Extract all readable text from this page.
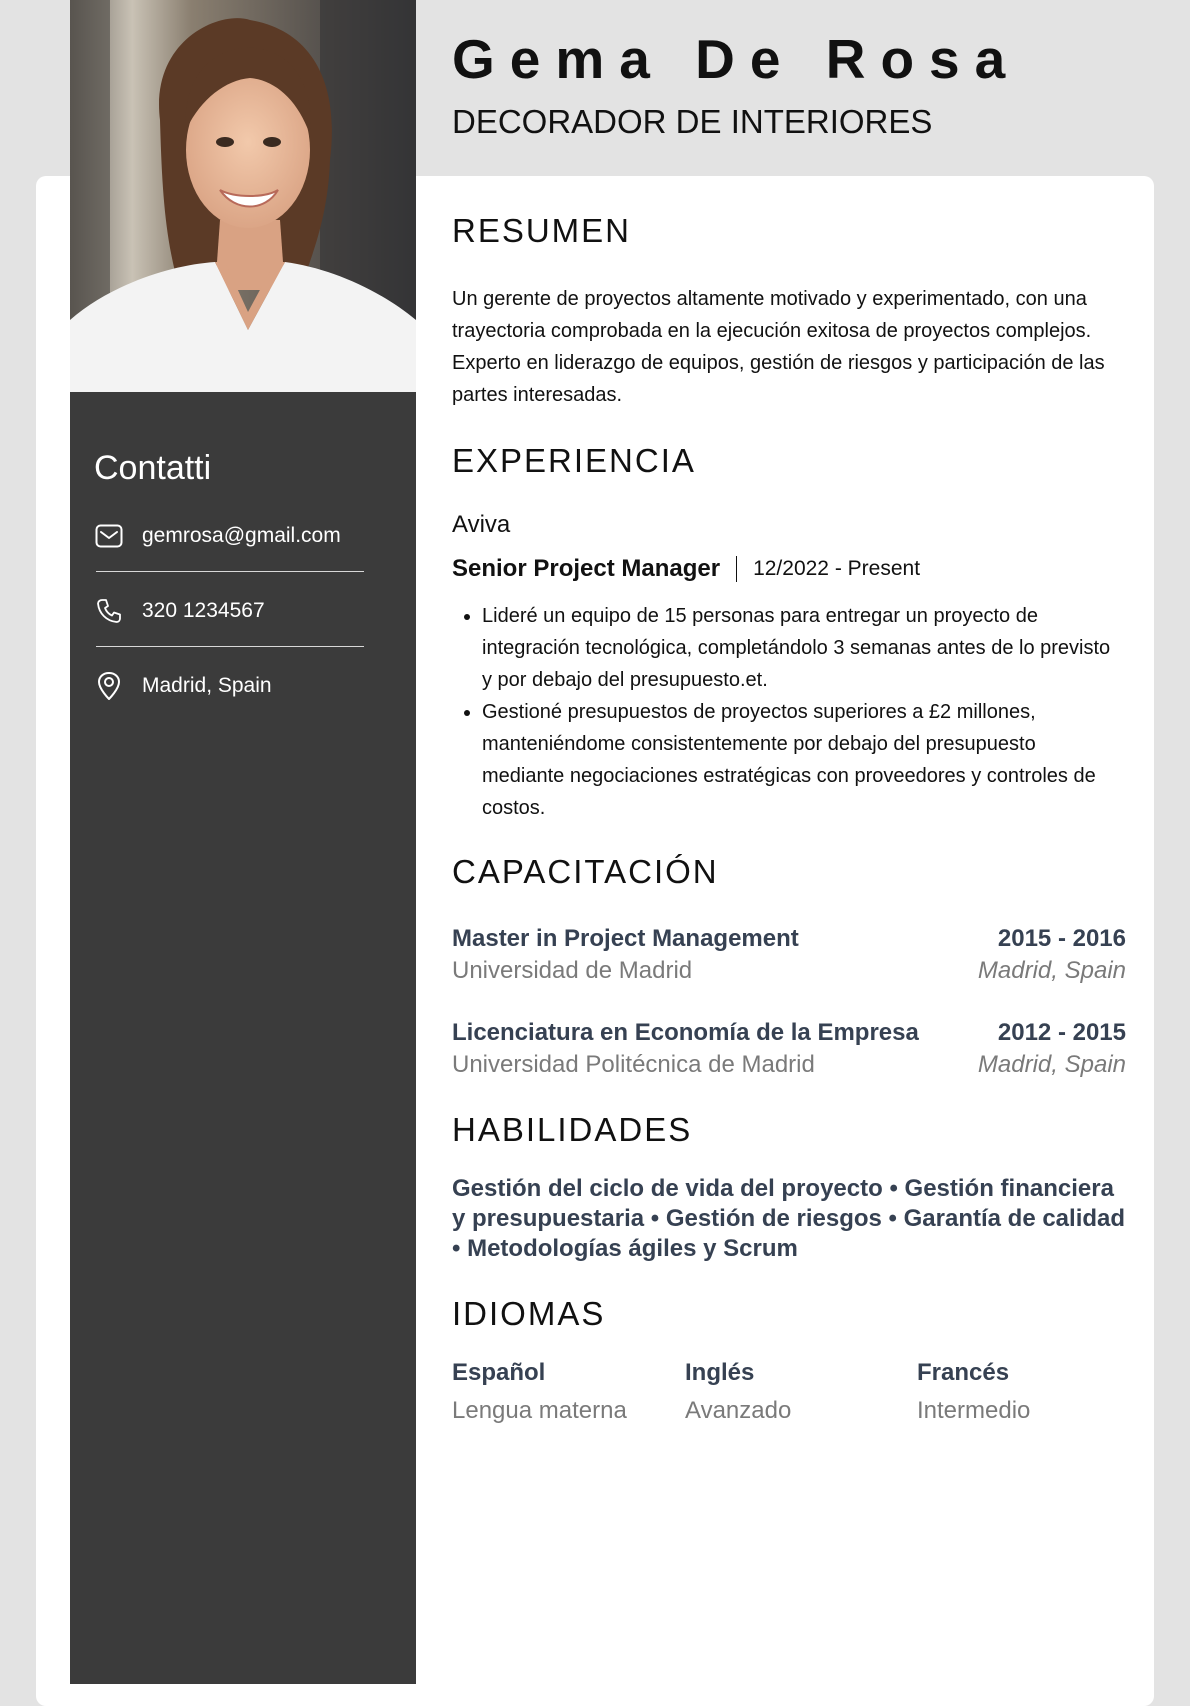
Contatti
gemrosa@gmail.com
320 1234567
Madrid, Spain
Gema De Rosa
DECORADOR DE INTERIORES
RESUMEN

Un gerente de proyectos altamente motivado y experimentado, con una trayectoria comprobada en la ejecución exitosa de proyectos complejos. Experto en liderazgo de equipos, gestión de riesgos y participación de las partes interesadas.

EXPERIENCIA
Aviva
Senior Project Manager 12/2022 - Present
• Lideré un equipo de 15 personas para entregar un proyecto de integración tecnológica, completándolo 3 semanas antes de lo previsto y por debajo del presupuesto.et.
• Gestioné presupuestos de proyectos superiores a £2 millones, manteniéndome consistentemente por debajo del presupuesto mediante negociaciones estratégicas con proveedores y controles de costos.
CAPACITACIÓN
Master in Project Management	2015 - 2016
Universidad de Madrid	Madrid, Spain
Licenciatura en Economía de la Empresa	2012 - 2015
Universidad Politécnica de Madrid	Madrid, Spain
HABILIDADES

Gestión del ciclo de vida del proyecto • Gestión financiera y presupuestaria • Gestión de riesgos • Garantía de calidad • Metodologías ágiles y Scrum

IDIOMAS
Español
Lengua materna
Inglés
Avanzado
Francés
Intermedio
